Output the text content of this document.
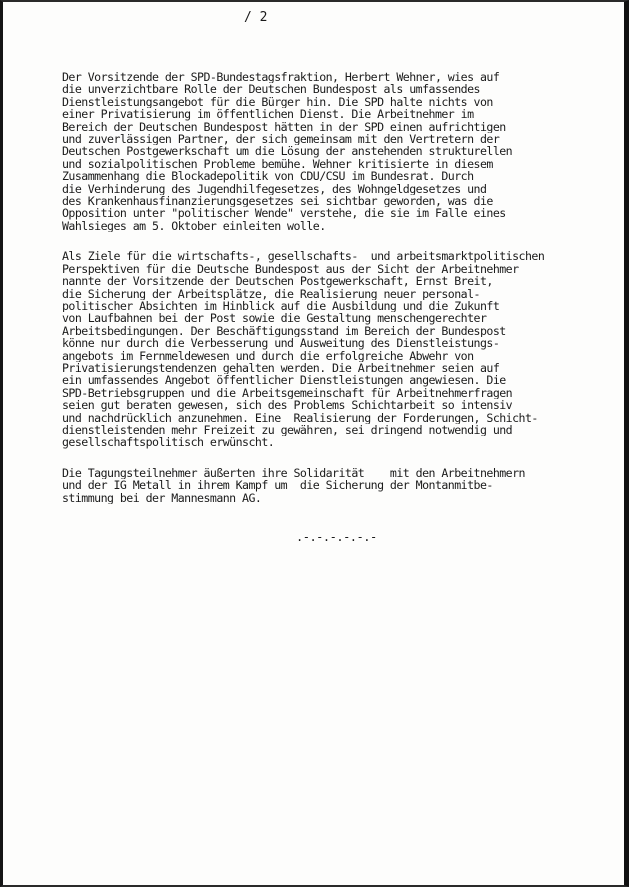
/ 2
Der Vorsitzende der SPD-Bundestagsfraktion, Herbert Wehner, wies auf
die unverzichtbare Rolle der Deutschen Bundespost als umfassendes
Dienstleistungsangebot für die Bürger hin. Die SPD halte nichts von
einer Privatisierung im öffentlichen Dienst. Die Arbeitnehmer im
Bereich der Deutschen Bundespost hätten in der SPD einen aufrichtigen
und zuverlässigen Partner, der sich gemeinsam mit den Vertretern der
Deutschen Postgewerkschaft um die Lösung der anstehenden strukturellen
und sozialpolitischen Probleme bemühe. Wehner kritisierte in diesem
Zusammenhang die Blockadepolitik von CDU/CSU im Bundesrat. Durch
die Verhinderung des Jugendhilfegesetzes, des Wohngeldgesetzes und
des Krankenhausfinanzierungsgesetzes sei sichtbar geworden, was die
Opposition unter "politischer Wende" verstehe, die sie im Falle eines
Wahlsieges am 5. Oktober einleiten wolle.
Als Ziele für die wirtschafts-, gesellschafts-  und arbeitsmarktpolitischen
Perspektiven für die Deutsche Bundespost aus der Sicht der Arbeitnehmer
nannte der Vorsitzende der Deutschen Postgewerkschaft, Ernst Breit,
die Sicherung der Arbeitsplätze, die Realisierung neuer personal-
politischer Absichten im Hinblick auf die Ausbildung und die Zukunft
von Laufbahnen bei der Post sowie die Gestaltung menschengerechter
Arbeitsbedingungen. Der Beschäftigungsstand im Bereich der Bundespost
könne nur durch die Verbesserung und Ausweitung des Dienstleistungs-
angebots im Fernmeldewesen und durch die erfolgreiche Abwehr von
Privatisierungstendenzen gehalten werden. Die Arbeitnehmer seien auf
ein umfassendes Angebot öffentlicher Dienstleistungen angewiesen. Die
SPD-Betriebsgruppen und die Arbeitsgemeinschaft für Arbeitnehmerfragen
seien gut beraten gewesen, sich des Problems Schichtarbeit so intensiv
und nachdrücklich anzunehmen. Eine  Realisierung der Forderungen, Schicht-
dienstleistenden mehr Freizeit zu gewähren, sei dringend notwendig und
gesellschaftspolitisch erwünscht.
Die Tagungsteilnehmer äußerten ihre Solidarität    mit den Arbeitnehmern
und der IG Metall in ihrem Kampf um  die Sicherung der Montanmitbe-
stimmung bei der Mannesmann AG.
.-.-.-.-.-.-
